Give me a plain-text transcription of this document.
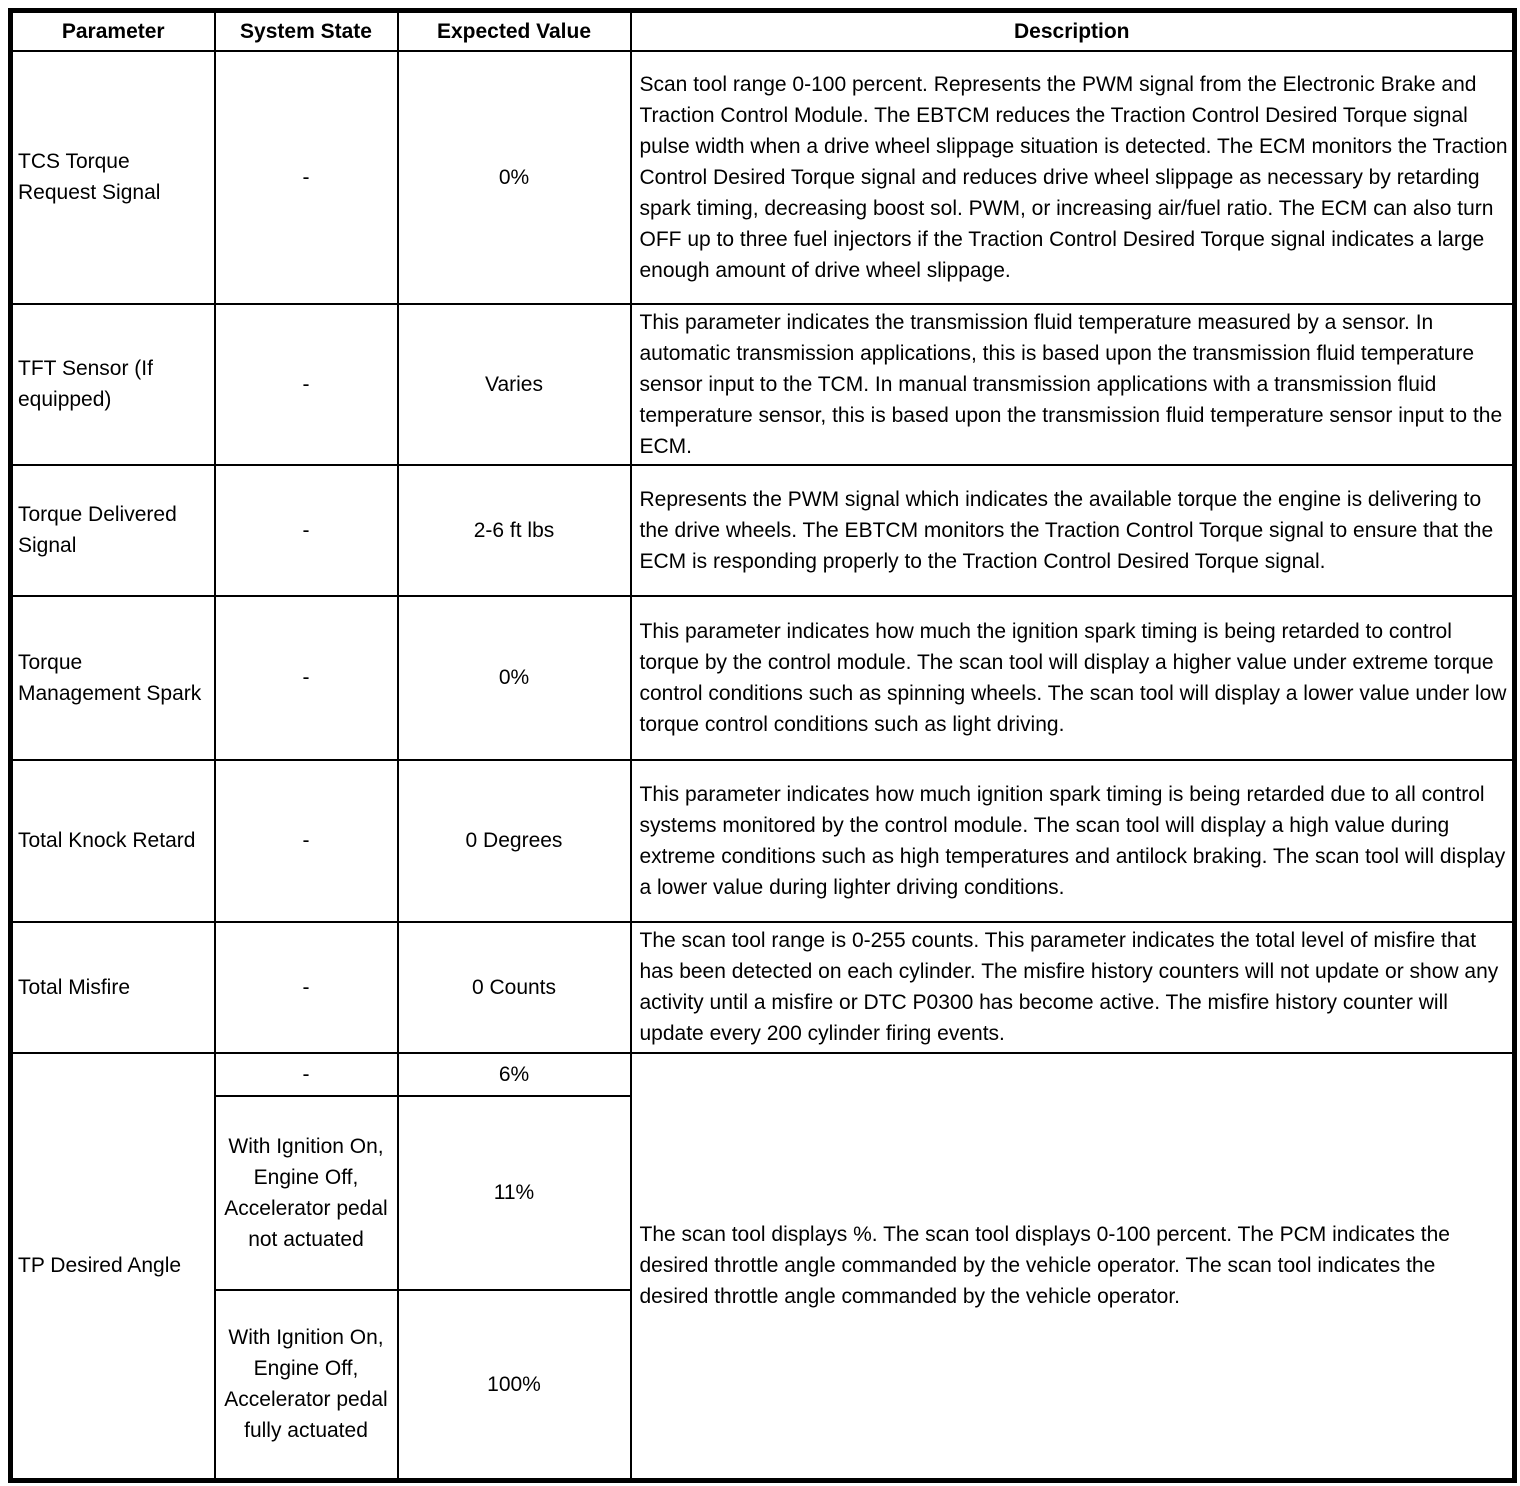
Parameter	System State	Expected Value	Description
TCS Torque Request Signal	-	0%	Scan tool range 0-100 percent. Represents the PWM signal from the Electronic Brake and Traction Control Module. The EBTCM reduces the Traction Control Desired Torque signal pulse width when a drive wheel slippage situation is detected. The ECM monitors the Traction Control Desired Torque signal and reduces drive wheel slippage as necessary by retarding spark timing, decreasing boost sol. PWM, or increasing air/fuel ratio. The ECM can also turn OFF up to three fuel injectors if the Traction Control Desired Torque signal indicates a large enough amount of drive wheel slippage.
TFT Sensor (If equipped)	-	Varies	This parameter indicates the transmission fluid temperature measured by a sensor. In automatic transmission applications, this is based upon the transmission fluid temperature sensor input to the TCM. In manual transmission applications with a transmission fluid temperature sensor, this is based upon the transmission fluid temperature sensor input to the ECM.
Torque Delivered Signal	-	2-6 ft lbs	Represents the PWM signal which indicates the available torque the engine is delivering to the drive wheels. The EBTCM monitors the Traction Control Torque signal to ensure that the ECM is responding properly to the Traction Control Desired Torque signal.
Torque Management Spark	-	0%	This parameter indicates how much the ignition spark timing is being retarded to control torque by the control module. The scan tool will display a higher value under extreme torque control conditions such as spinning wheels. The scan tool will display a lower value under low torque control conditions such as light driving.
Total Knock Retard	-	0 Degrees	This parameter indicates how much ignition spark timing is being retarded due to all control systems monitored by the control module. The scan tool will display a high value during extreme conditions such as high temperatures and antilock braking. The scan tool will display a lower value during lighter driving conditions.
Total Misfire	-	0 Counts	The scan tool range is 0-255 counts. This parameter indicates the total level of misfire that has been detected on each cylinder. The misfire history counters will not update or show any activity until a misfire or DTC P0300 has become active. The misfire history counter will update every 200 cylinder firing events.
TP Desired Angle	-	6%	The scan tool displays %. The scan tool displays 0-100 percent. The PCM indicates the desired throttle angle commanded by the vehicle operator. The scan tool indicates the desired throttle angle commanded by the vehicle operator.
	With Ignition On, Engine Off, Accelerator pedal not actuated	11%	
	With Ignition On, Engine Off, Accelerator pedal fully actuated	100%	
